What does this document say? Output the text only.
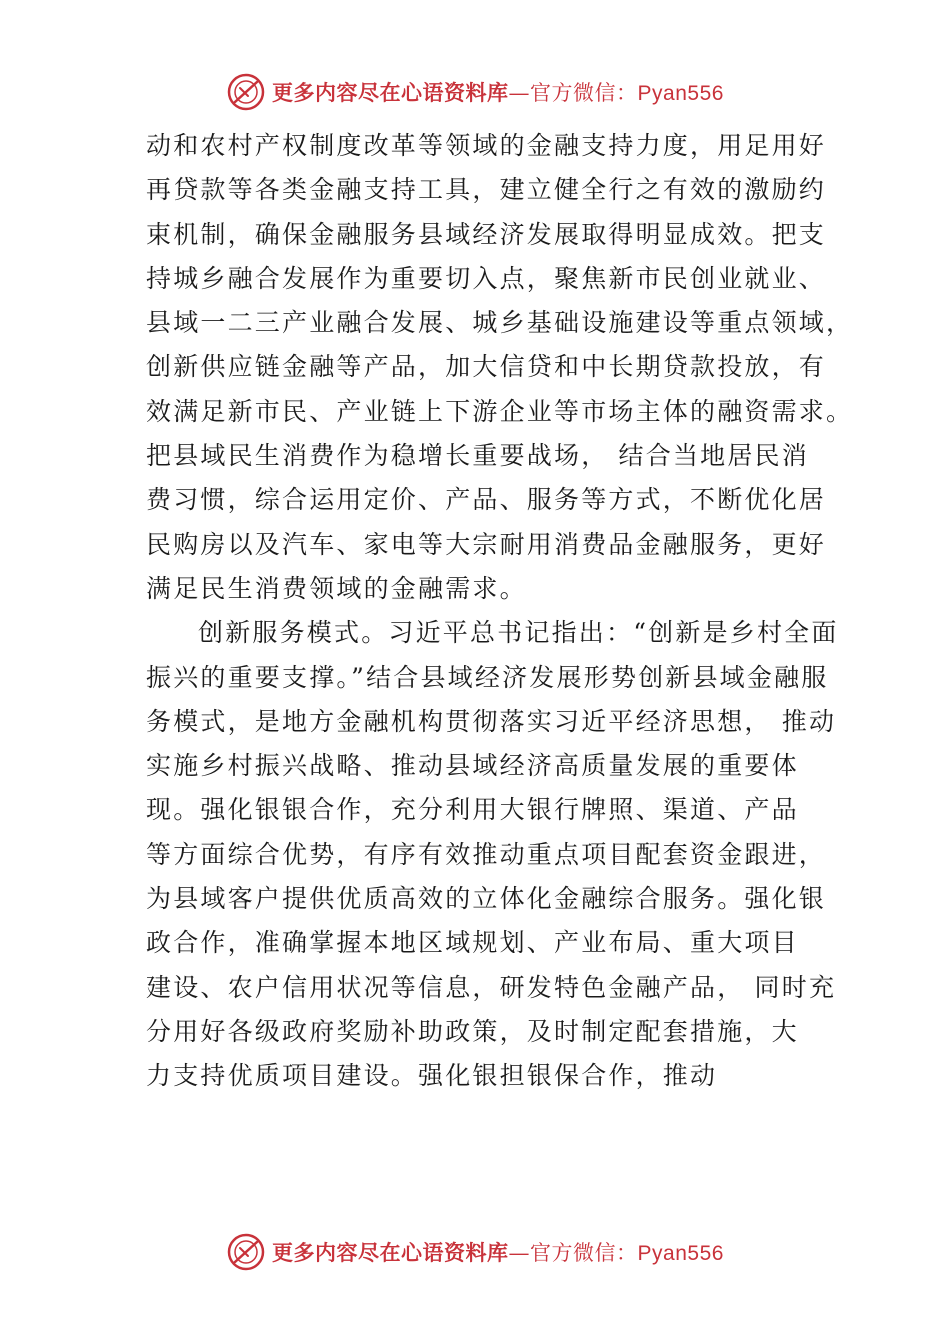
更多内容尽在心语资料库—官方微信：Pyan556
动和农村产权制度改革等领域的金融支持力度，用足用好
再贷款等各类金融支持工具，建立健全行之有效的激励约
束机制，确保金融服务县域经济发展取得明显成效。把支
持城乡融合发展作为重要切入点，聚焦新市民创业就业、
县域一二三产业融合发展、城乡基础设施建设等重点领域，
创新供应链金融等产品，加大信贷和中长期贷款投放，有
效满足新市民、产业链上下游企业等市场主体的融资需求。
把县域民生消费作为稳增长重要战场， 结合当地居民消
费习惯，综合运用定价、产品、服务等方式，不断优化居
民购房以及汽车、家电等大宗耐用消费品金融服务，更好
满足民生消费领域的金融需求。
创新服务模式。习近平总书记指出：“创新是乡村全面
振兴的重要支撑。”结合县域经济发展形势创新县域金融服
务模式，是地方金融机构贯彻落实习近平经济思想， 推动
实施乡村振兴战略、推动县域经济高质量发展的重要体
现。强化银银合作，充分利用大银行牌照、渠道、产品
等方面综合优势，有序有效推动重点项目配套资金跟进，
为县域客户提供优质高效的立体化金融综合服务。强化银
政合作，准确掌握本地区域规划、产业布局、重大项目
建设、农户信用状况等信息，研发特色金融产品， 同时充
分用好各级政府奖励补助政策，及时制定配套措施，大
力支持优质项目建设。强化银担银保合作，推动
更多内容尽在心语资料库—官方微信：Pyan556
